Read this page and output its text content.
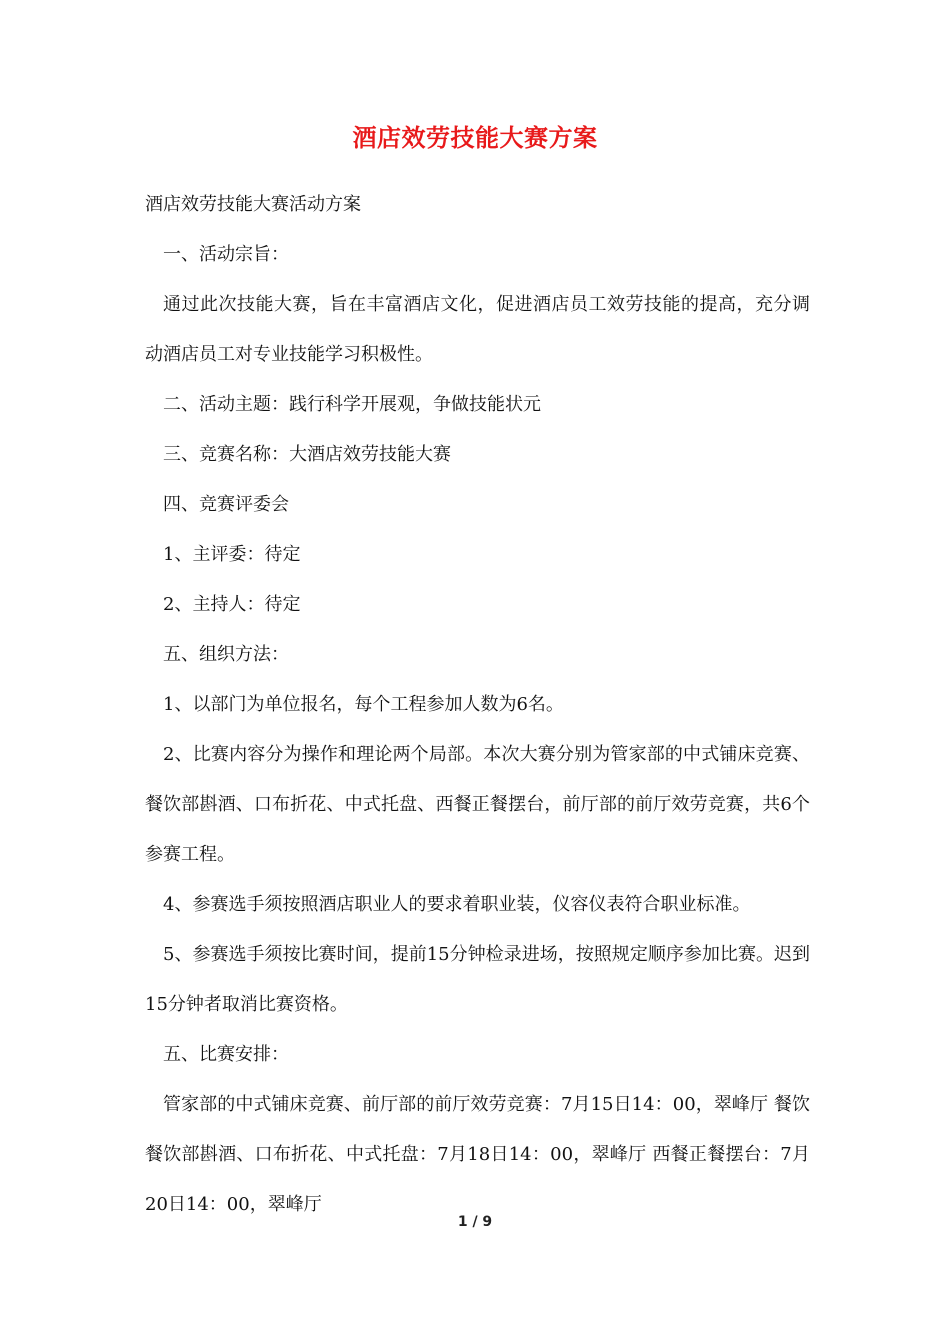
酒店效劳技能大赛方案

酒店效劳技能大赛活动方案

一、活动宗旨：

通过此次技能大赛，旨在丰富酒店文化，促进酒店员工效劳技能的提高，充分调动酒店员工对专业技能学习积极性。

二、活动主题：践行科学开展观，争做技能状元

三、竞赛名称：大酒店效劳技能大赛

四、竞赛评委会

1、主评委：待定

2、主持人：待定

五、组织方法：

1、以部门为单位报名，每个工程参加人数为6名。

2、比赛内容分为操作和理论两个局部。本次大赛分别为管家部的中式铺床竞赛、餐饮部斟酒、口布折花、中式托盘、西餐正餐摆台，前厅部的前厅效劳竞赛，共6个参赛工程。

4、参赛选手须按照酒店职业人的要求着职业装，仪容仪表符合职业标准。

5、参赛选手须按比赛时间，提前15分钟检录进场，按照规定顺序参加比赛。迟到15分钟者取消比赛资格。

五、比赛安排：

管家部的中式铺床竞赛、前厅部的前厅效劳竞赛：7月15日14：00，翠峰厅 餐饮餐饮部斟酒、口布折花、中式托盘：7月18日14：00，翠峰厅 西餐正餐摆台：7月20日14：00，翠峰厅

1 / 9
